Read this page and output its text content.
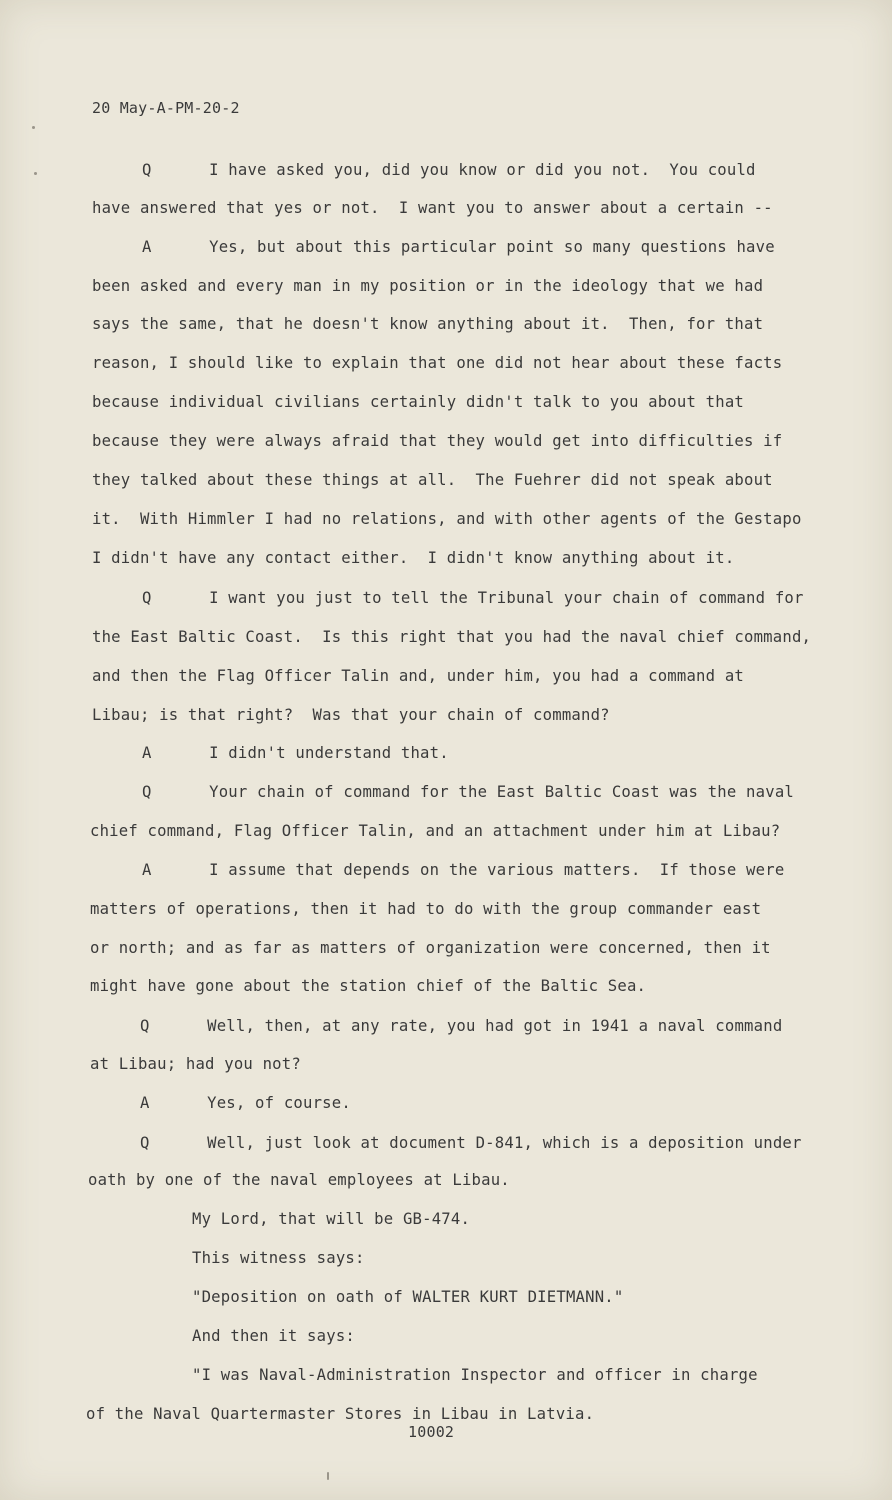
20 May-A-PM-20-2
Q      I have asked you, did you know or did you not.  You could
have answered that yes or not.  I want you to answer about a certain --
A      Yes, but about this particular point so many questions have
been asked and every man in my position or in the ideology that we had
says the same, that he doesn't know anything about it.  Then, for that
reason, I should like to explain that one did not hear about these facts
because individual civilians certainly didn't talk to you about that
because they were always afraid that they would get into difficulties if
they talked about these things at all.  The Fuehrer did not speak about
it.  With Himmler I had no relations, and with other agents of the Gestapo
I didn't have any contact either.  I didn't know anything about it.
Q      I want you just to tell the Tribunal your chain of command for
the East Baltic Coast.  Is this right that you had the naval chief command,
and then the Flag Officer Talin and, under him, you had a command at
Libau; is that right?  Was that your chain of command?
A      I didn't understand that.
Q      Your chain of command for the East Baltic Coast was the naval
chief command, Flag Officer Talin, and an attachment under him at Libau?
A      I assume that depends on the various matters.  If those were
matters of operations, then it had to do with the group commander east
or north; and as far as matters of organization were concerned, then it
might have gone about the station chief of the Baltic Sea.
Q      Well, then, at any rate, you had got in 1941 a naval command
at Libau; had you not?
A      Yes, of course.
Q      Well, just look at document D-841, which is a deposition under
oath by one of the naval employees at Libau.
My Lord, that will be GB-474.
This witness says:
"Deposition on oath of WALTER KURT DIETMANN."
And then it says:
"I was Naval-Administration Inspector and officer in charge
of the Naval Quartermaster Stores in Libau in Latvia.
10002
